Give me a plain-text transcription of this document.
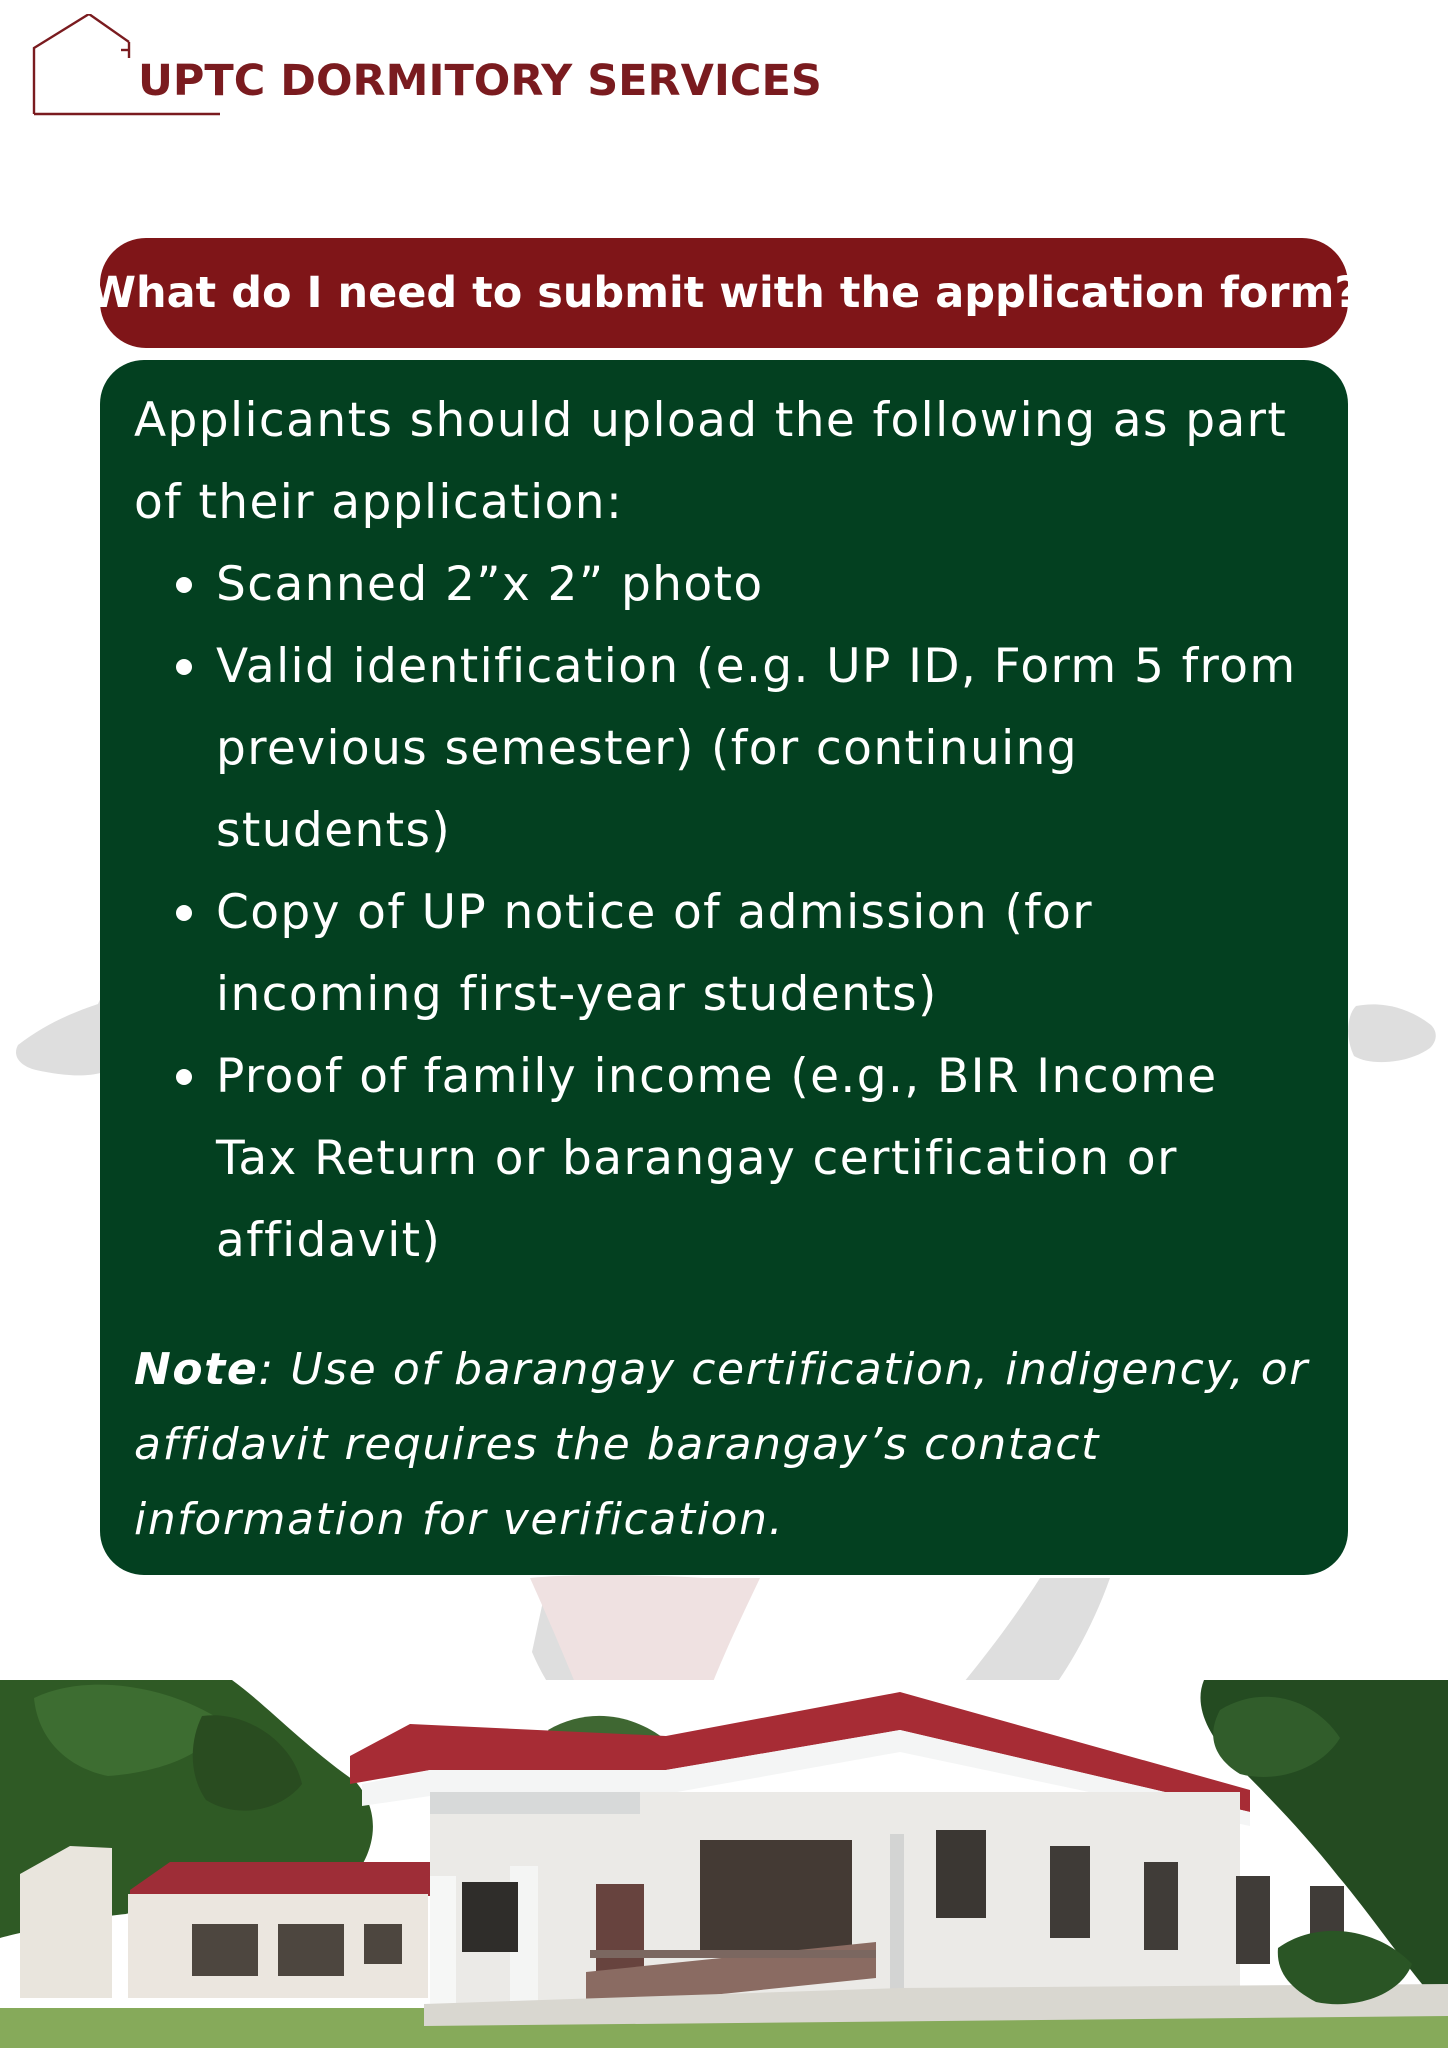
UPTC DORMITORY SERVICES
What do I need to submit with the application form?

Applicants should upload the following as part of their application:

Scanned 2”x 2” photo
Valid identification (e.g. UP ID, Form 5 from previous semester) (for continuing students)
Copy of UP notice of admission (for incoming first-year students)
Proof of family income (e.g., BIR Income Tax Return or barangay certification or affidavit)

Note: Use of barangay certification, indigency, or affidavit requires the barangay’s contact information for verification.
